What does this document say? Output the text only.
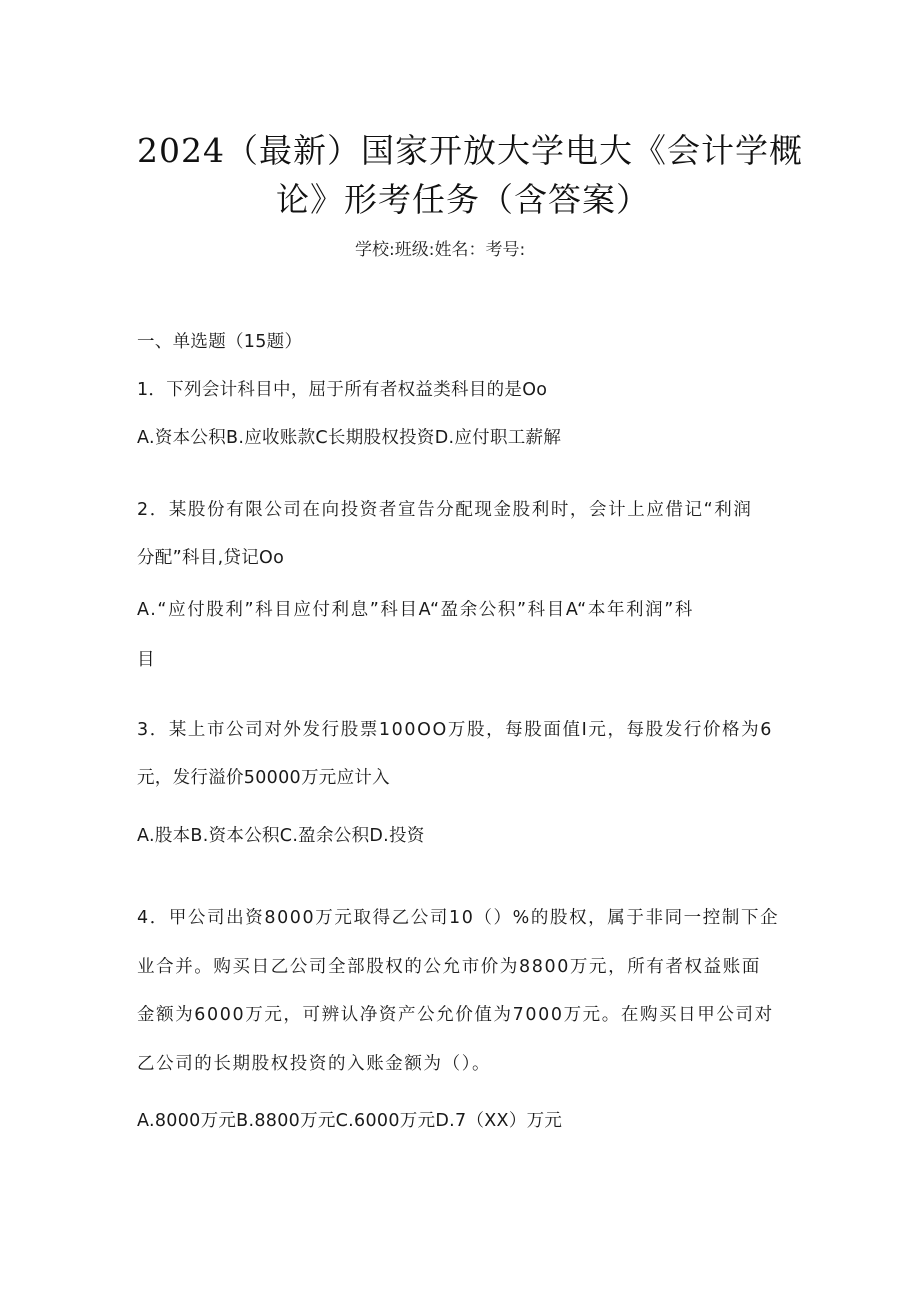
2024（最新）国家开放大学电大《会计学概
论》形考任务（含答案）
学校:班级:姓名：考号:
一、单选题（15题）
1．下列会计科目中，屈于所有者权益类科目的是Oo
A.资本公积B.应收账款C长期股权投资D.应付职工薪解
2．某股份有限公司在向投资者宣告分配现金股利时，会计上应借记“利润
分配”科目,贷记Oo
A.“应付股利”科目应付利息”科目A“盈余公积”科目A“本年利润”科
目
3．某上市公司对外发行股票100OO万股，每股面值I元，每股发行价格为6
元，发行溢价50000万元应计入
A.股本B.资本公积C.盈余公积D.投资
4．甲公司出资8000万元取得乙公司10（）%的股权，属于非同一控制下企
业合并。购买日乙公司全部股权的公允市价为8800万元，所有者权益账面
金额为6000万元，可辨认净资产公允价值为7000万元。在购买日甲公司对
乙公司的长期股权投资的入账金额为（）。
A.8000万元B.8800万元C.6000万元D.7（XX）万元
